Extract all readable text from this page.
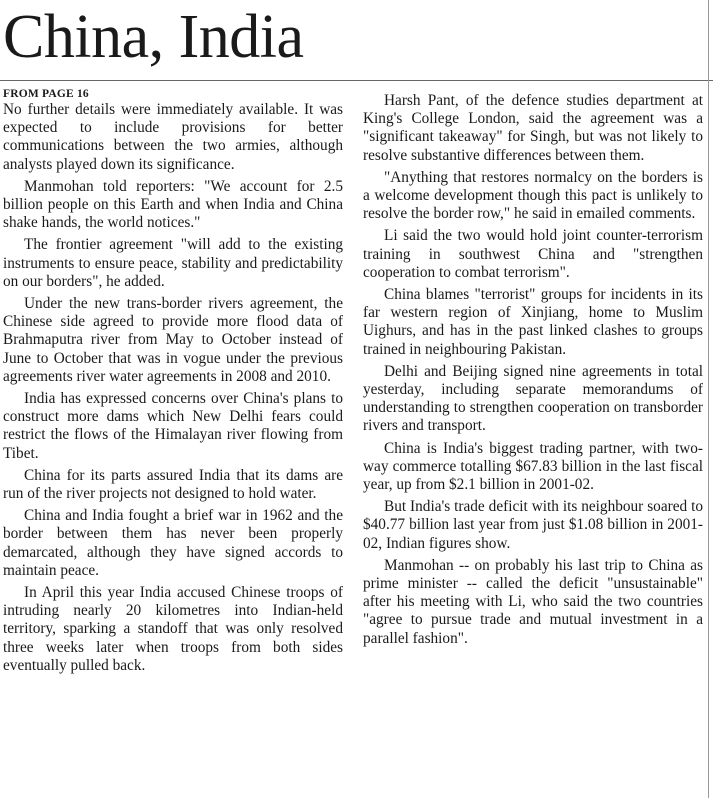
China, India
FROM PAGE 16

No further details were immediately available. It was expected to include provisions for better communications between the two armies, although analysts played down its significance.

Manmohan told reporters: "We account for 2.5 billion people on this Earth and when India and China shake hands, the world notices."

The frontier agreement "will add to the existing instruments to ensure peace, stability and predictability on our borders", he added.

Under the new trans-border rivers agreement, the Chinese side agreed to provide more flood data of Brahmaputra river from May to October instead of June to October that was in vogue under the previous agreements river water agreements in 2008 and 2010.

India has expressed concerns over China's plans to construct more dams which New Delhi fears could restrict the flows of the Himalayan river flowing from Tibet.

China for its parts assured India that its dams are run of the river projects not designed to hold water.

China and India fought a brief war in 1962 and the border between them has never been properly demarcated, although they have signed accords to maintain peace.

In April this year India accused Chinese troops of intruding nearly 20 kilometres into Indian-held territory, sparking a standoff that was only resolved three weeks later when troops from both sides eventually pulled back.

Harsh Pant, of the defence studies department at King's College London, said the agreement was a "significant takeaway" for Singh, but was not likely to resolve substantive differences between them.

"Anything that restores normalcy on the borders is a welcome development though this pact is unlikely to resolve the border row," he said in emailed comments.

Li said the two would hold joint counter-terrorism training in southwest China and "strengthen cooperation to combat terrorism".

China blames "terrorist" groups for incidents in its far western region of Xinjiang, home to Muslim Uighurs, and has in the past linked clashes to groups trained in neighbouring Pakistan.

Delhi and Beijing signed nine agreements in total yesterday, including separate memorandums of understanding to strengthen cooperation on transborder rivers and transport.

China is India's biggest trading partner, with two-way commerce totalling $67.83 billion in the last fiscal year, up from $2.1 billion in 2001-02.

But India's trade deficit with its neighbour soared to $40.77 billion last year from just $1.08 billion in 2001-02, Indian figures show.

Manmohan -- on probably his last trip to China as prime minister -- called the deficit "unsustainable" after his meeting with Li, who said the two countries "agree to pursue trade and mutual investment in a parallel fashion".
